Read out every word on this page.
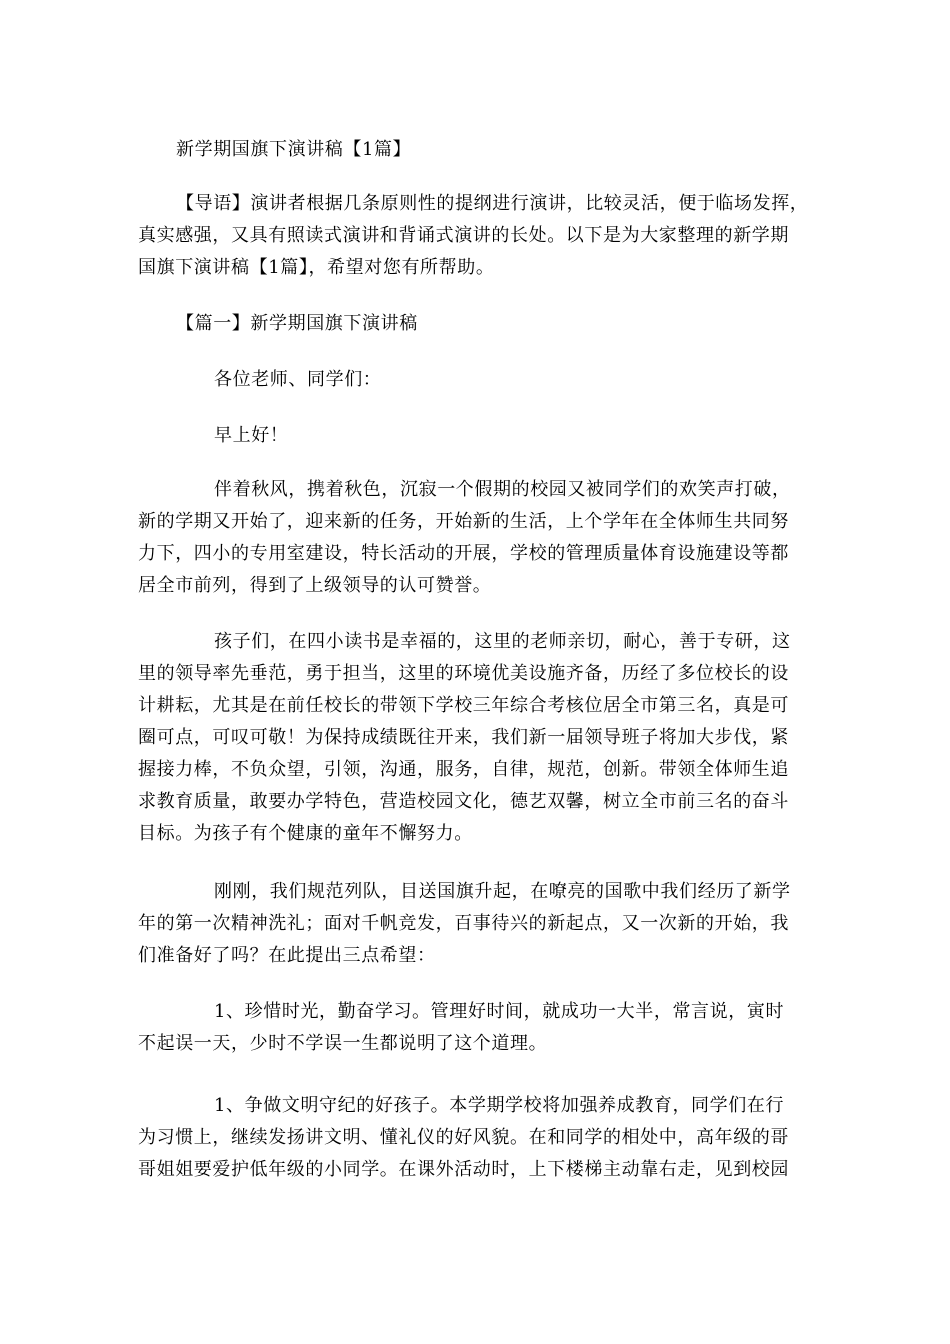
新学期国旗下演讲稿【1篇】

【导语】演讲者根据几条原则性的提纲进行演讲，比较灵活，便于临场发挥，
真实感强，又具有照读式演讲和背诵式演讲的长处。以下是为大家整理的新学期
国旗下演讲稿【1篇】，希望对您有所帮助。

【篇一】新学期国旗下演讲稿

各位老师、同学们：

早上好！

伴着秋风，携着秋色，沉寂一个假期的校园又被同学们的欢笑声打破，
新的学期又开始了，迎来新的任务，开始新的生活，上个学年在全体师生共同努
力下，四小的专用室建设，特长活动的开展，学校的管理质量体育设施建设等都
居全市前列，得到了上级领导的认可赞誉。
孩子们，在四小读书是幸福的，这里的老师亲切，耐心，善于专研，这
里的领导率先垂范，勇于担当，这里的环境优美设施齐备，历经了多位校长的设
计耕耘，尤其是在前任校长的带领下学校三年综合考核位居全市第三名，真是可
圈可点，可叹可敬！为保持成绩既往开来，我们新一届领导班子将加大步伐，紧
握接力棒，不负众望，引领，沟通，服务，自律，规范，创新。带领全体师生追
求教育质量，敢要办学特色，营造校园文化，德艺双馨，树立全市前三名的奋斗
目标。为孩子有个健康的童年不懈努力。
刚刚，我们规范列队，目送国旗升起，在嘹亮的国歌中我们经历了新学
年的第一次精神洗礼；面对千帆竞发，百事待兴的新起点，又一次新的开始，我
们准备好了吗？在此提出三点希望：
1、珍惜时光，勤奋学习。管理好时间，就成功一大半，常言说，寅时
不起误一天，少时不学误一生都说明了这个道理。
1、争做文明守纪的好孩子。本学期学校将加强养成教育，同学们在行
为习惯上，继续发扬讲文明、懂礼仪的好风貌。在和同学的相处中，高年级的哥
哥姐姐要爱护低年级的小同学。在课外活动时，上下楼梯主动靠右走，见到校园
